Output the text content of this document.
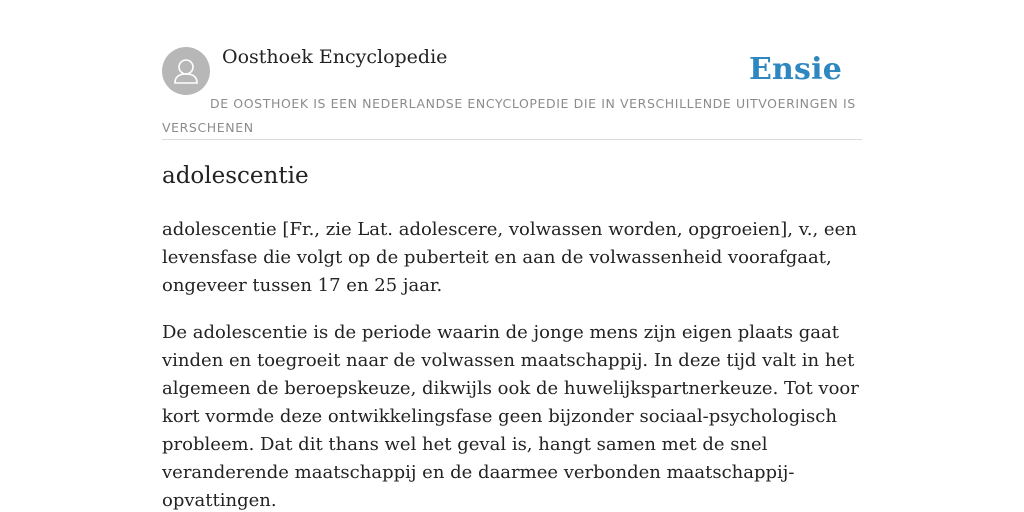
Oosthoek Encyclopedie	Ensie
DE OOSTHOEK IS EEN NEDERLANDSE ENCYCLOPEDIE DIE IN VERSCHILLENDE UITVOERINGEN IS VERSCHENEN
adolescentie

adolescentie [Fr., zie Lat. adolescere, volwassen worden, opgroeien], v., een levensfase die volgt op de puberteit en aan de volwassenheid voorafgaat, ongeveer tussen 17 en 25 jaar.

De adolescentie is de periode waarin de jonge mens zijn eigen plaats gaat vinden en toegroeit naar de volwassen maatschappij. In deze tijd valt in het algemeen de beroepskeuze, dikwijls ook de huwelijkspartnerkeuze. Tot voor kort vormde deze ontwikkelingsfase geen bijzonder sociaal-psychologisch probleem. Dat dit thans wel het geval is, hangt samen met de snel veranderende maatschappij en de daarmee verbonden maatschappij-opvattingen.
